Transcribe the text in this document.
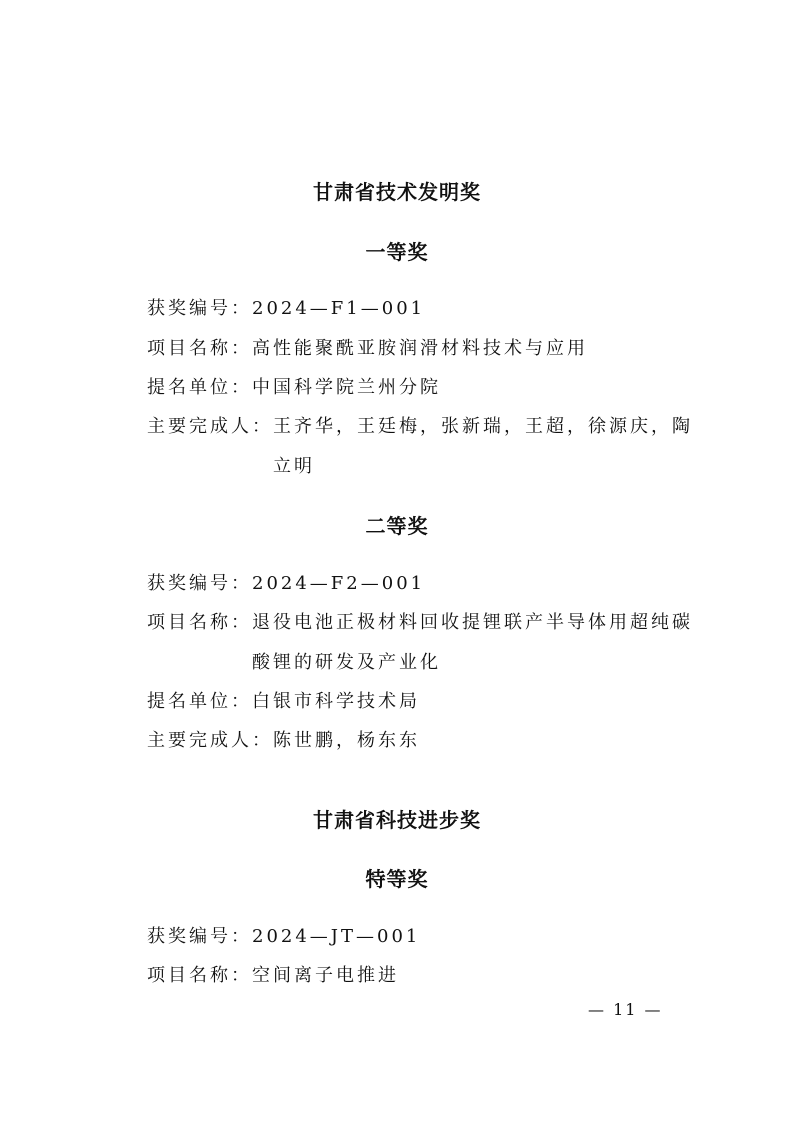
甘肃省技术发明奖
一等奖
获奖编号：2024—F1—001
项目名称：高性能聚酰亚胺润滑材料技术与应用
提名单位：中国科学院兰州分院
主要完成人：王齐华，王廷梅，张新瑞，王超，徐源庆，陶
立明
二等奖
获奖编号：2024—F2—001
项目名称：退役电池正极材料回收提锂联产半导体用超纯碳
酸锂的研发及产业化
提名单位：白银市科学技术局
主要完成人：陈世鹏，杨东东
甘肃省科技进步奖
特等奖
获奖编号：2024—JT—001
项目名称：空间离子电推进
— 11 —
